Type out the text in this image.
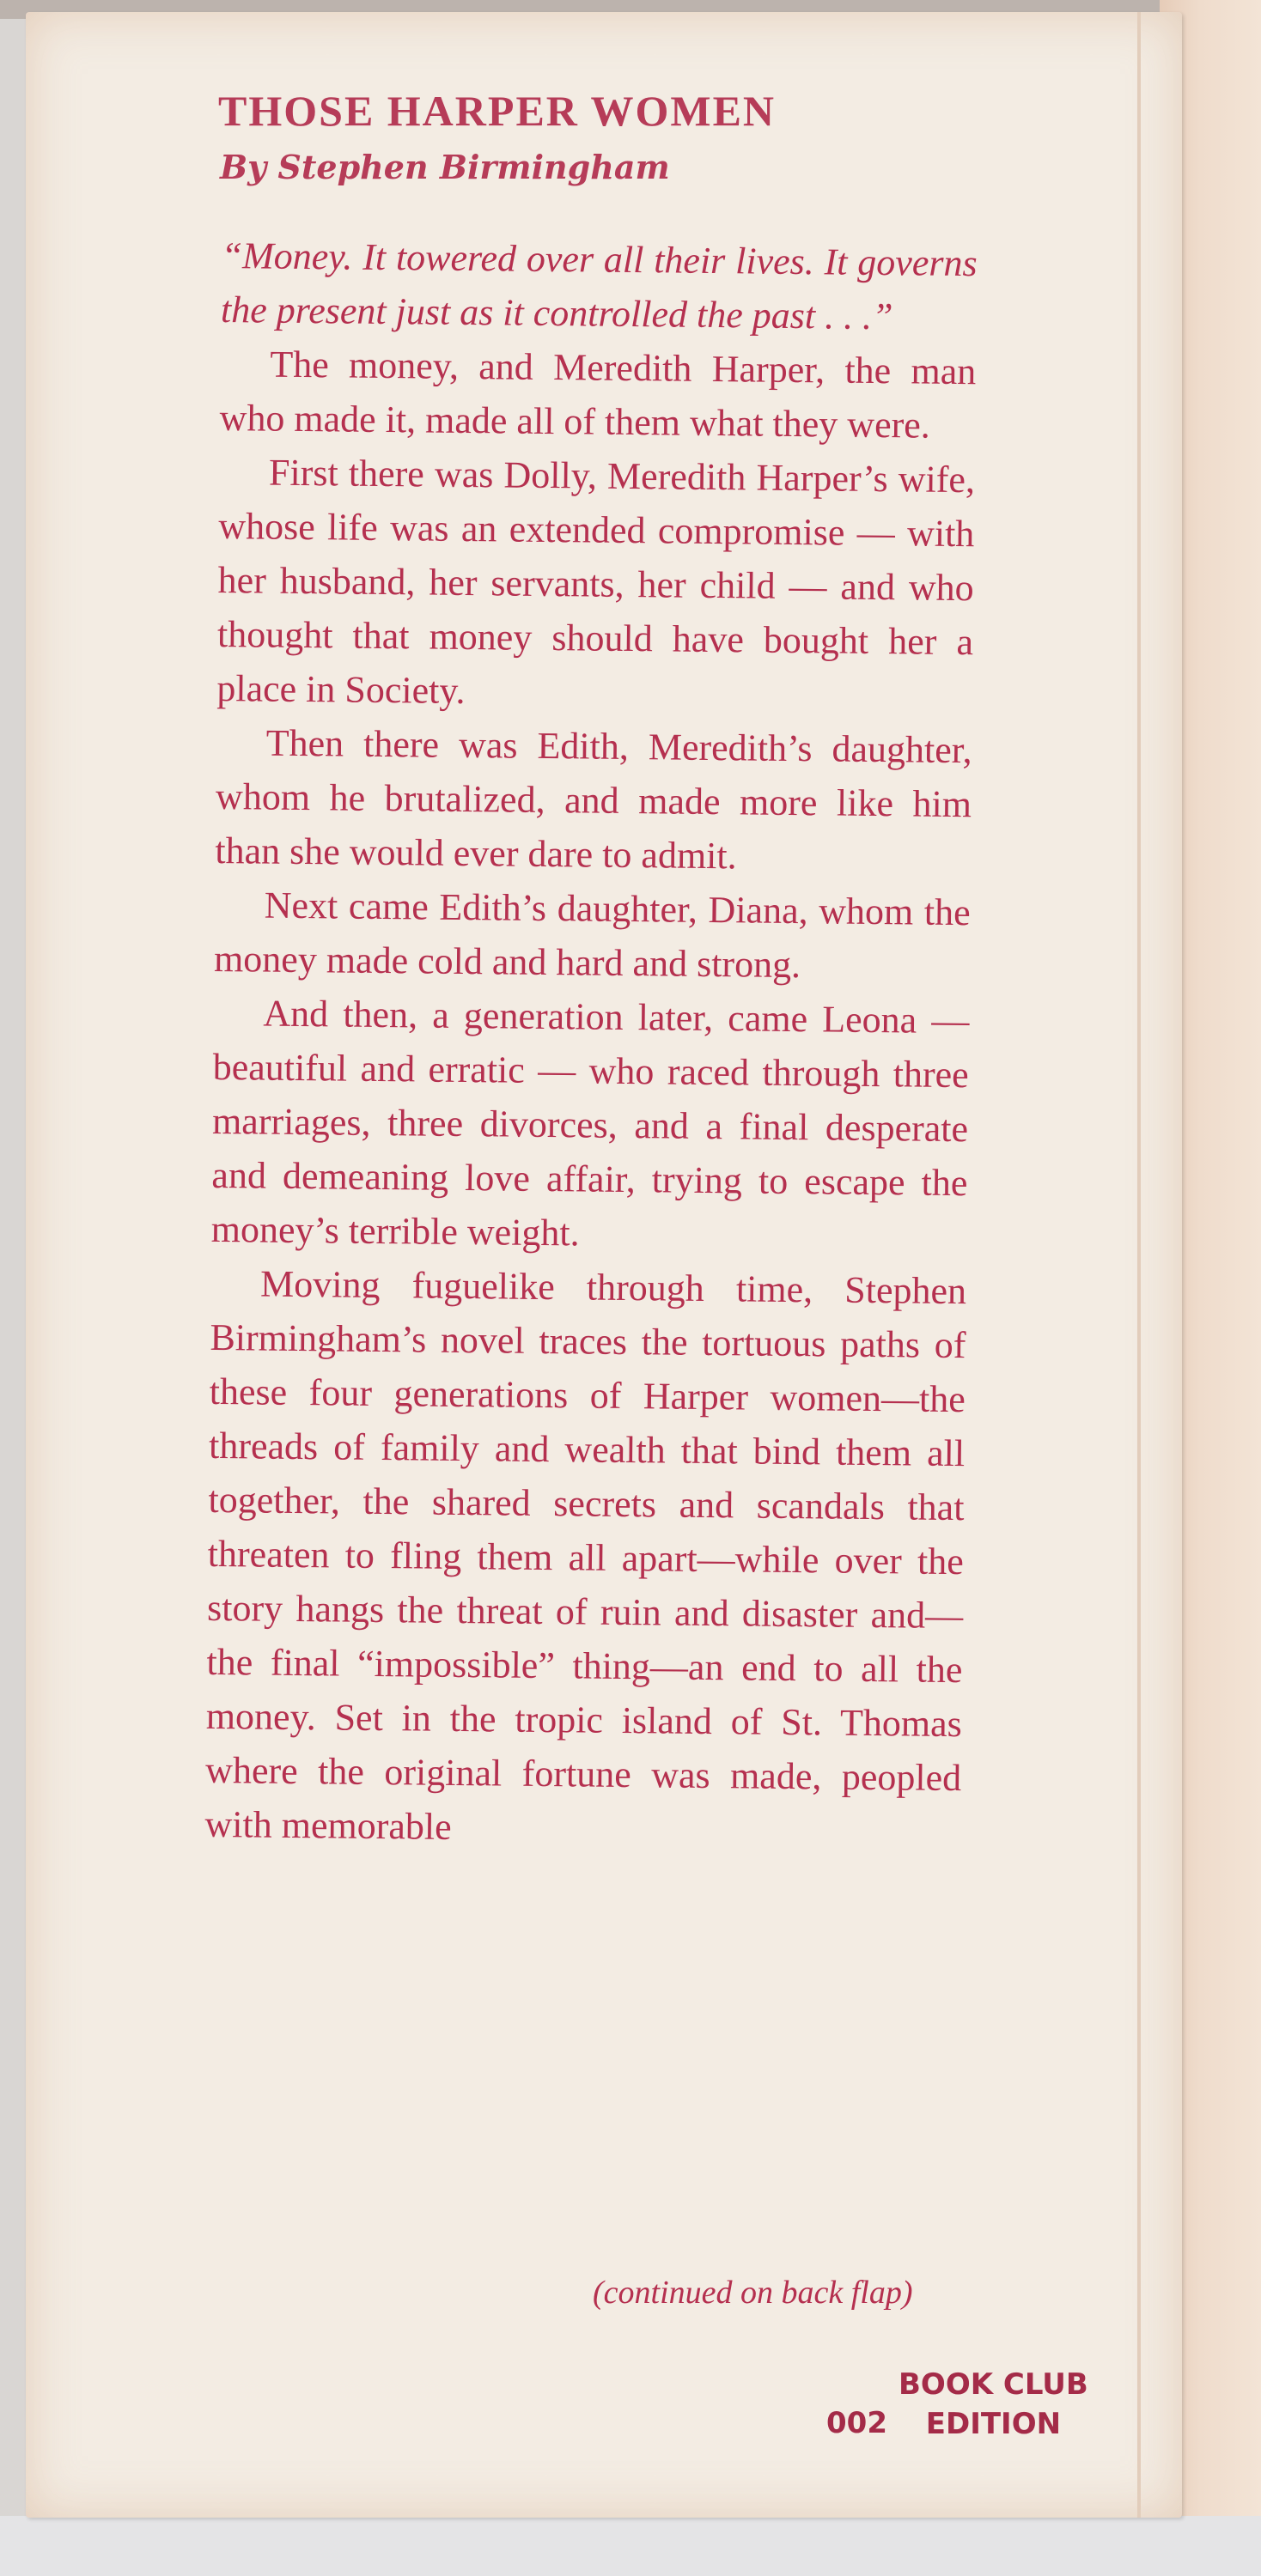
THOSE HARPER WOMEN
By Stephen Birmingham

“Money. It towered over all their lives. It governs the present just as it controlled the past . . .”

The money, and Meredith Harper, the man who made it, made all of them what they were.

First there was Dolly, Meredith Harper’s wife, whose life was an extended compromise — with her husband, her servants, her child — and who thought that money should have bought her a place in Society.

Then there was Edith, Meredith’s daughter, whom he brutalized, and made more like him than she would ever dare to admit.

Next came Edith’s daughter, Diana, whom the money made cold and hard and strong.

And then, a generation later, came Leona — beautiful and erratic — who raced through three marriages, three divorces, and a final desperate and demeaning love affair, trying to escape the money’s terrible weight.

Moving fuguelike through time, Stephen Birmingham’s novel traces the tortuous paths of these four generations of Harper women—the threads of family and wealth that bind them all together, the shared secrets and scandals that threaten to fling them all apart—while over the story hangs the threat of ruin and disaster and—the final “impossible” thing—an end to all the money. Set in the tropic island of St. Thomas where the original fortune was made, peopled with memorable

(continued on back flap)
002
BOOK CLUB
EDITION
